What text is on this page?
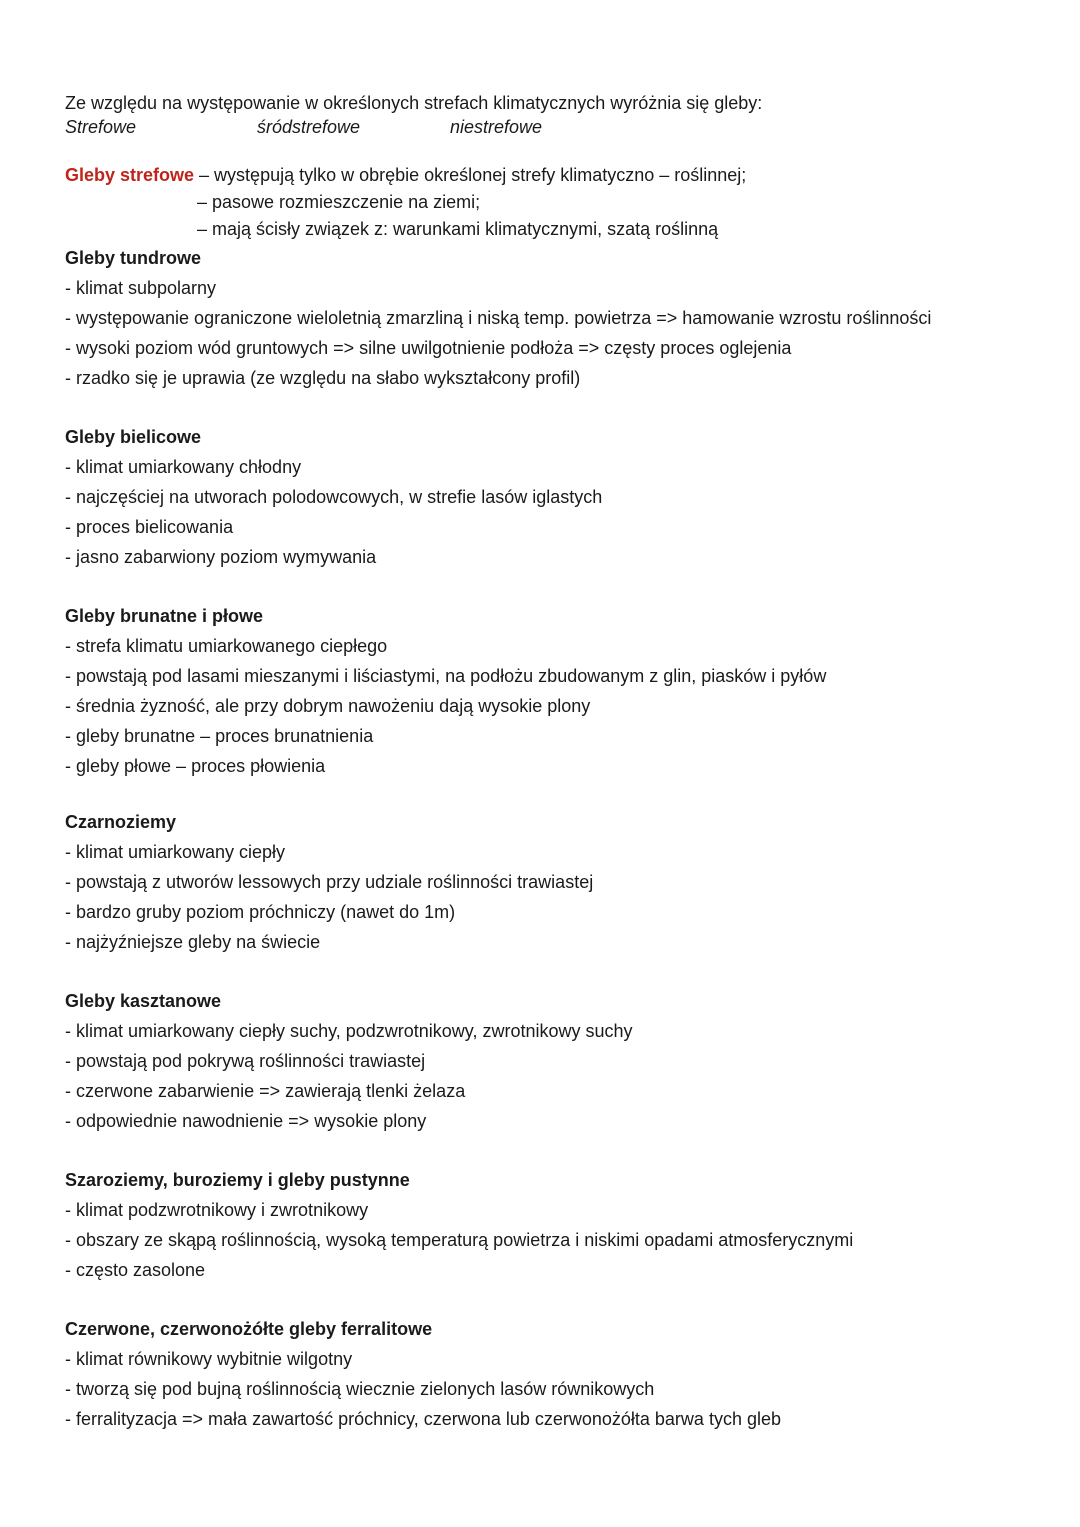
Ze względu na występowanie w określonych strefach klimatycznych wyróżnia się gleby:

Strefowe	śródstrefowe	niestrefowe
Gleby strefowe – występują tylko w obrębie określonej strefy klimatyczno – roślinnej;
– pasowe rozmieszczenie na ziemi;
– mają ścisły związek z: warunkami klimatycznymi, szatą roślinną
Gleby tundrowe
- klimat subpolarny
- występowanie ograniczone wieloletnią zmarzliną i niską temp. powietrza => hamowanie wzrostu roślinności
- wysoki poziom wód gruntowych => silne uwilgotnienie podłoża => częsty proces oglejenia
- rzadko się je uprawia (ze względu na słabo wykształcony profil)
Gleby bielicowe
- klimat umiarkowany chłodny
- najczęściej na utworach polodowcowych, w strefie lasów iglastych
- proces bielicowania
- jasno zabarwiony poziom wymywania
Gleby brunatne i płowe
- strefa klimatu umiarkowanego ciepłego
- powstają pod lasami mieszanymi i liściastymi, na podłożu zbudowanym z glin, piasków i pyłów
- średnia żyzność, ale przy dobrym nawożeniu dają wysokie plony
- gleby brunatne – proces brunatnienia
- gleby płowe – proces płowienia
Czarnoziemy
- klimat umiarkowany ciepły
- powstają z utworów lessowych przy udziale roślinności trawiastej
- bardzo gruby poziom próchniczy (nawet do 1m)
- najżyźniejsze gleby na świecie
Gleby kasztanowe
- klimat umiarkowany ciepły suchy, podzwrotnikowy, zwrotnikowy suchy
- powstają pod pokrywą roślinności trawiastej
- czerwone zabarwienie => zawierają tlenki żelaza
- odpowiednie nawodnienie => wysokie plony
Szaroziemy, buroziemy i gleby pustynne
- klimat podzwrotnikowy i zwrotnikowy
- obszary ze skąpą roślinnością, wysoką temperaturą powietrza i niskimi opadami atmosferycznymi
- często zasolone
Czerwone, czerwonożółte gleby ferralitowe
- klimat równikowy wybitnie wilgotny
- tworzą się pod bujną roślinnością wiecznie zielonych lasów równikowych
- ferralityzacja => mała zawartość próchnicy, czerwona lub czerwonożółta barwa tych gleb
